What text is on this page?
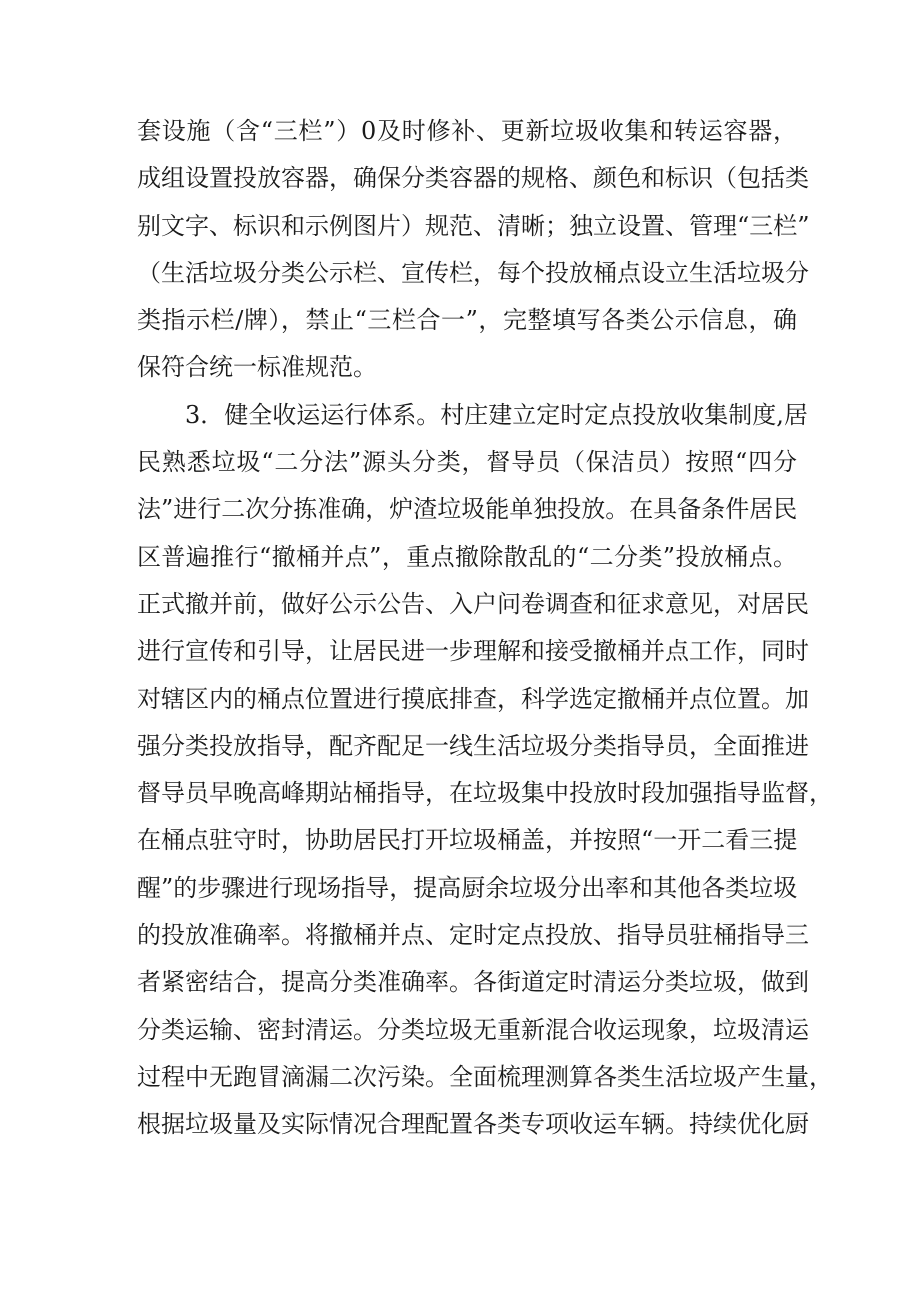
套设施（含“三栏”）0及时修补、更新垃圾收集和转运容器，
成组设置投放容器，确保分类容器的规格、颜色和标识（包括类
别文字、标识和示例图片）规范、清晰；独立设置、管理“三栏”
（生活垃圾分类公示栏、宣传栏，每个投放桶点设立生活垃圾分
类指示栏/牌），禁止“三栏合一”，完整填写各类公示信息，确
保符合统一标准规范。
3．健全收运运行体系。村庄建立定时定点投放收集制度,居
民熟悉垃圾“二分法”源头分类，督导员（保洁员）按照“四分
法”进行二次分拣准确，炉渣垃圾能单独投放。在具备条件居民
区普遍推行“撤桶并点”，重点撤除散乱的“二分类”投放桶点。
正式撤并前，做好公示公告、入户问卷调查和征求意见，对居民
进行宣传和引导，让居民进一步理解和接受撤桶并点工作，同时
对辖区内的桶点位置进行摸底排查，科学选定撤桶并点位置。加
强分类投放指导，配齐配足一线生活垃圾分类指导员，全面推进
督导员早晚高峰期站桶指导，在垃圾集中投放时段加强指导监督，
在桶点驻守时，协助居民打开垃圾桶盖，并按照“一开二看三提
醒”的步骤进行现场指导，提高厨余垃圾分出率和其他各类垃圾
的投放准确率。将撤桶并点、定时定点投放、指导员驻桶指导三
者紧密结合，提高分类准确率。各街道定时清运分类垃圾，做到
分类运输、密封清运。分类垃圾无重新混合收运现象，垃圾清运
过程中无跑冒滴漏二次污染。全面梳理测算各类生活垃圾产生量，
根据垃圾量及实际情况合理配置各类专项收运车辆。持续优化厨
